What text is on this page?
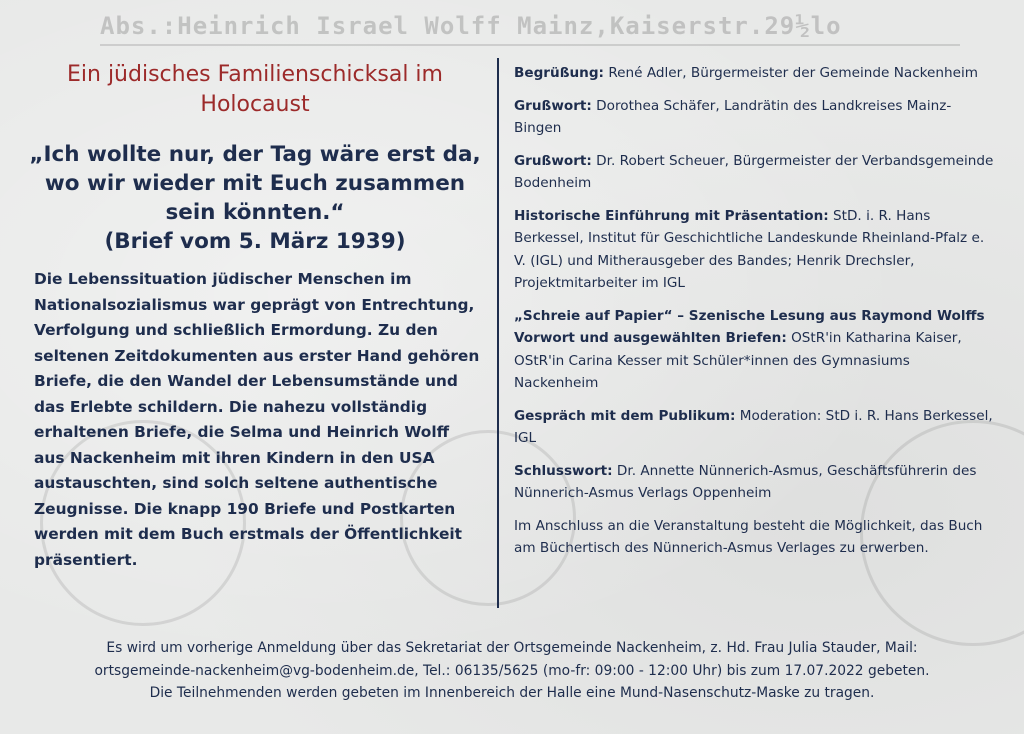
Abs.:Heinrich Israel Wolff Mainz,Kaiserstr.29½lo
Ein jüdisches Familienschicksal im Holocaust

„Ich wollte nur, der Tag wäre erst da, wo wir wieder mit Euch zusammen sein könnten.“

(Brief vom 5. März 1939)

Die Lebenssituation jüdischer Menschen im Nationalsozialismus war geprägt von Entrechtung, Verfolgung und schließlich Ermordung. Zu den seltenen Zeitdokumenten aus erster Hand gehören Briefe, die den Wandel der Lebensumstände und das Erlebte schildern. Die nahezu vollständig erhaltenen Briefe, die Selma und Heinrich Wolff aus Nackenheim mit ihren Kindern in den USA austauschten, sind solch seltene authentische Zeugnisse. Die knapp 190 Briefe und Postkarten werden mit dem Buch erstmals der Öffentlichkeit präsentiert.

Begrüßung: René Adler, Bürgermeister der Gemeinde Nackenheim

Grußwort: Dorothea Schäfer, Landrätin des Landkreises Mainz-Bingen

Grußwort: Dr. Robert Scheuer, Bürgermeister der Verbandsgemeinde Bodenheim

Historische Einführung mit Präsentation: StD. i. R. Hans Berkessel, Institut für Geschichtliche Landeskunde Rheinland-Pfalz e. V. (IGL) und Mitherausgeber des Bandes; Henrik Drechsler, Projektmitarbeiter im IGL

„Schreie auf Papier“ – Szenische Lesung aus Raymond Wolffs Vorwort und ausgewählten Briefen: OStR'in Katharina Kaiser, OStR'in Carina Kesser mit Schüler*innen des Gymnasiums Nackenheim

Gespräch mit dem Publikum: Moderation: StD i. R. Hans Berkessel, IGL

Schlusswort: Dr. Annette Nünnerich-Asmus, Geschäftsführerin des Nünnerich-Asmus Verlags Oppenheim

Im Anschluss an die Veranstaltung besteht die Möglichkeit, das Buch am Büchertisch des Nünnerich-Asmus Verlages zu erwerben.

Es wird um vorherige Anmeldung über das Sekretariat der Ortsgemeinde Nackenheim, z. Hd. Frau Julia Stauder, Mail:

ortsgemeinde-nackenheim@vg-bodenheim.de, Tel.: 06135/5625 (mo-fr: 09:00 - 12:00 Uhr) bis zum 17.07.2022 gebeten.

Die Teilnehmenden werden gebeten im Innenbereich der Halle eine Mund-Nasenschutz-Maske zu tragen.
